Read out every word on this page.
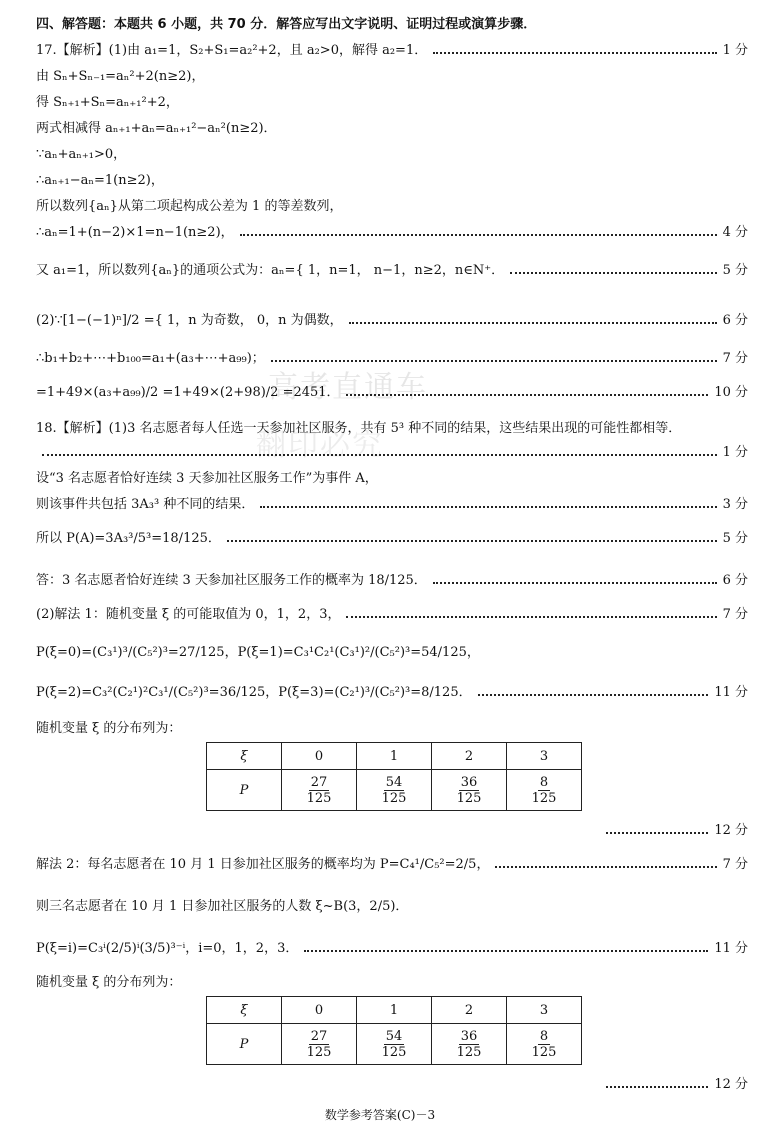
高考直通车
翻印必究
四、解答题：本题共 6 小题，共 70 分．解答应写出文字说明、证明过程或演算步骤．
17.【解析】(1)由 a₁=1，S₂+S₁=a₂²+2，且 a₂>0，解得 a₂=1．	1 分
由 Sₙ+Sₙ₋₁=aₙ²+2(n≥2)，
得 Sₙ₊₁+Sₙ=aₙ₊₁²+2，
两式相减得 aₙ₊₁+aₙ=aₙ₊₁²−aₙ²(n≥2)．
∵aₙ+aₙ₊₁>0，
∴aₙ₊₁−aₙ=1(n≥2)，
所以数列{aₙ}从第二项起构成公差为 1 的等差数列，
∴aₙ=1+(n−2)×1=n−1(n≥2)，	4 分
又 a₁=1，所以数列{aₙ}的通项公式为：aₙ={ 1，n=1， n−1，n≥2，n∈N⁺．	5 分
(2)∵[1−(−1)ⁿ]/2 ={ 1，n 为奇数， 0，n 为偶数，	6 分
∴b₁+b₂+⋯+b₁₀₀=a₁+(a₃+⋯+a₉₉)；	7 分
=1+49×(a₃+a₉₉)/2 =1+49×(2+98)/2 =2451．	10 分
18.【解析】(1)3 名志愿者每人任选一天参加社区服务，共有 5³ 种不同的结果，这些结果出现的可能性都相等．
1 分
设“3 名志愿者恰好连续 3 天参加社区服务工作”为事件 A，
则该事件共包括 3A₃³ 种不同的结果．	3 分
所以 P(A)=3A₃³/5³=18/125．	5 分
答：3 名志愿者恰好连续 3 天参加社区服务工作的概率为 18/125．	6 分
(2)解法 1：随机变量 ξ 的可能取值为 0，1，2，3，	7 分
P(ξ=0)=(C₃¹)³/(C₅²)³=27/125，P(ξ=1)=C₃¹C₂¹(C₃¹)²/(C₅²)³=54/125，
P(ξ=2)=C₃²(C₂¹)²C₃¹/(C₅²)³=36/125，P(ξ=3)=(C₂¹)³/(C₅²)³=8/125．	11 分
随机变量 ξ 的分布列为：
ξ	0	1	2	3
P	$\frac{27}{125}$	$\frac{54}{125}$	$\frac{36}{125}$	$\frac{8}{125}$
12 分
解法 2：每名志愿者在 10 月 1 日参加社区服务的概率均为 P=C₄¹/C₅²=2/5，	7 分
则三名志愿者在 10 月 1 日参加社区服务的人数 ξ~B(3，2/5)．
P(ξ=i)=C₃ⁱ(2/5)ⁱ(3/5)³⁻ⁱ，i=0，1，2，3．	11 分
随机变量 ξ 的分布列为：
ξ	0	1	2	3
P	$\frac{27}{125}$	$\frac{54}{125}$	$\frac{36}{125}$	$\frac{8}{125}$
12 分
数学参考答案(C)－3
